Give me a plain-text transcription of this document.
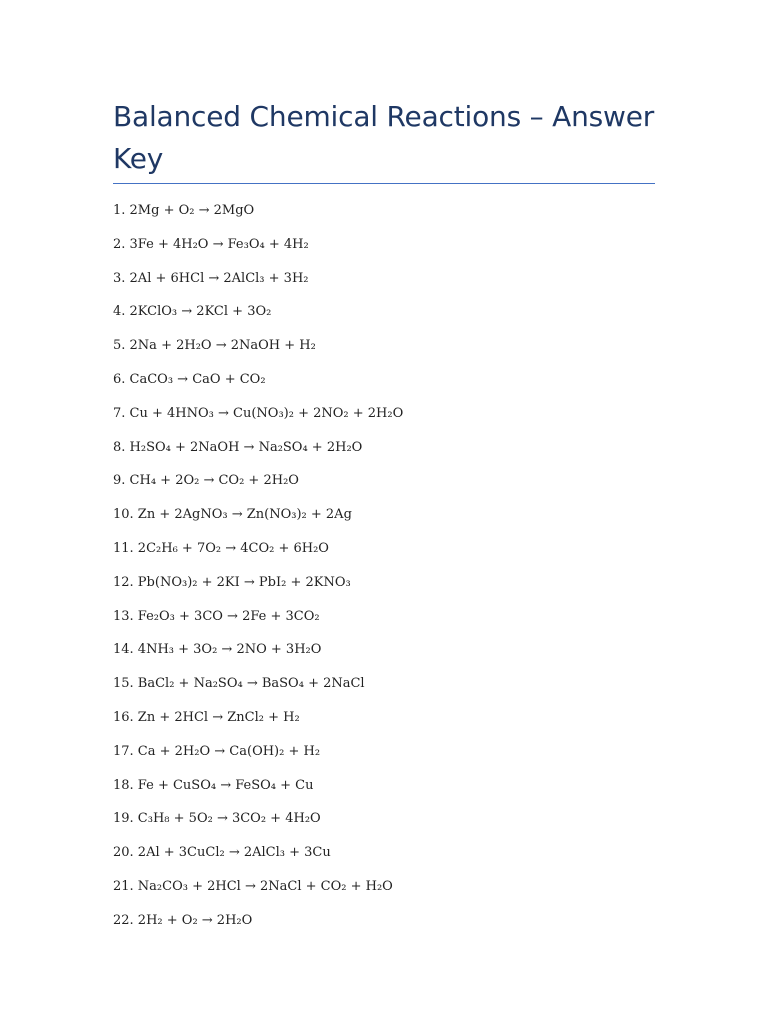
Balanced Chemical Reactions – Answer Key
1. 2Mg + O₂ → 2MgO
2. 3Fe + 4H₂O → Fe₃O₄ + 4H₂
3. 2Al + 6HCl → 2AlCl₃ + 3H₂
4. 2KClO₃ → 2KCl + 3O₂
5. 2Na + 2H₂O → 2NaOH + H₂
6. CaCO₃ → CaO + CO₂
7. Cu + 4HNO₃ → Cu(NO₃)₂ + 2NO₂ + 2H₂O
8. H₂SO₄ + 2NaOH → Na₂SO₄ + 2H₂O
9. CH₄ + 2O₂ → CO₂ + 2H₂O
10. Zn + 2AgNO₃ → Zn(NO₃)₂ + 2Ag
11. 2C₂H₆ + 7O₂ → 4CO₂ + 6H₂O
12. Pb(NO₃)₂ + 2KI → PbI₂ + 2KNO₃
13. Fe₂O₃ + 3CO → 2Fe + 3CO₂
14. 4NH₃ + 3O₂ → 2NO + 3H₂O
15. BaCl₂ + Na₂SO₄ → BaSO₄ + 2NaCl
16. Zn + 2HCl → ZnCl₂ + H₂
17. Ca + 2H₂O → Ca(OH)₂ + H₂
18. Fe + CuSO₄ → FeSO₄ + Cu
19. C₃H₈ + 5O₂ → 3CO₂ + 4H₂O
20. 2Al + 3CuCl₂ → 2AlCl₃ + 3Cu
21. Na₂CO₃ + 2HCl → 2NaCl + CO₂ + H₂O
22. 2H₂ + O₂ → 2H₂O
